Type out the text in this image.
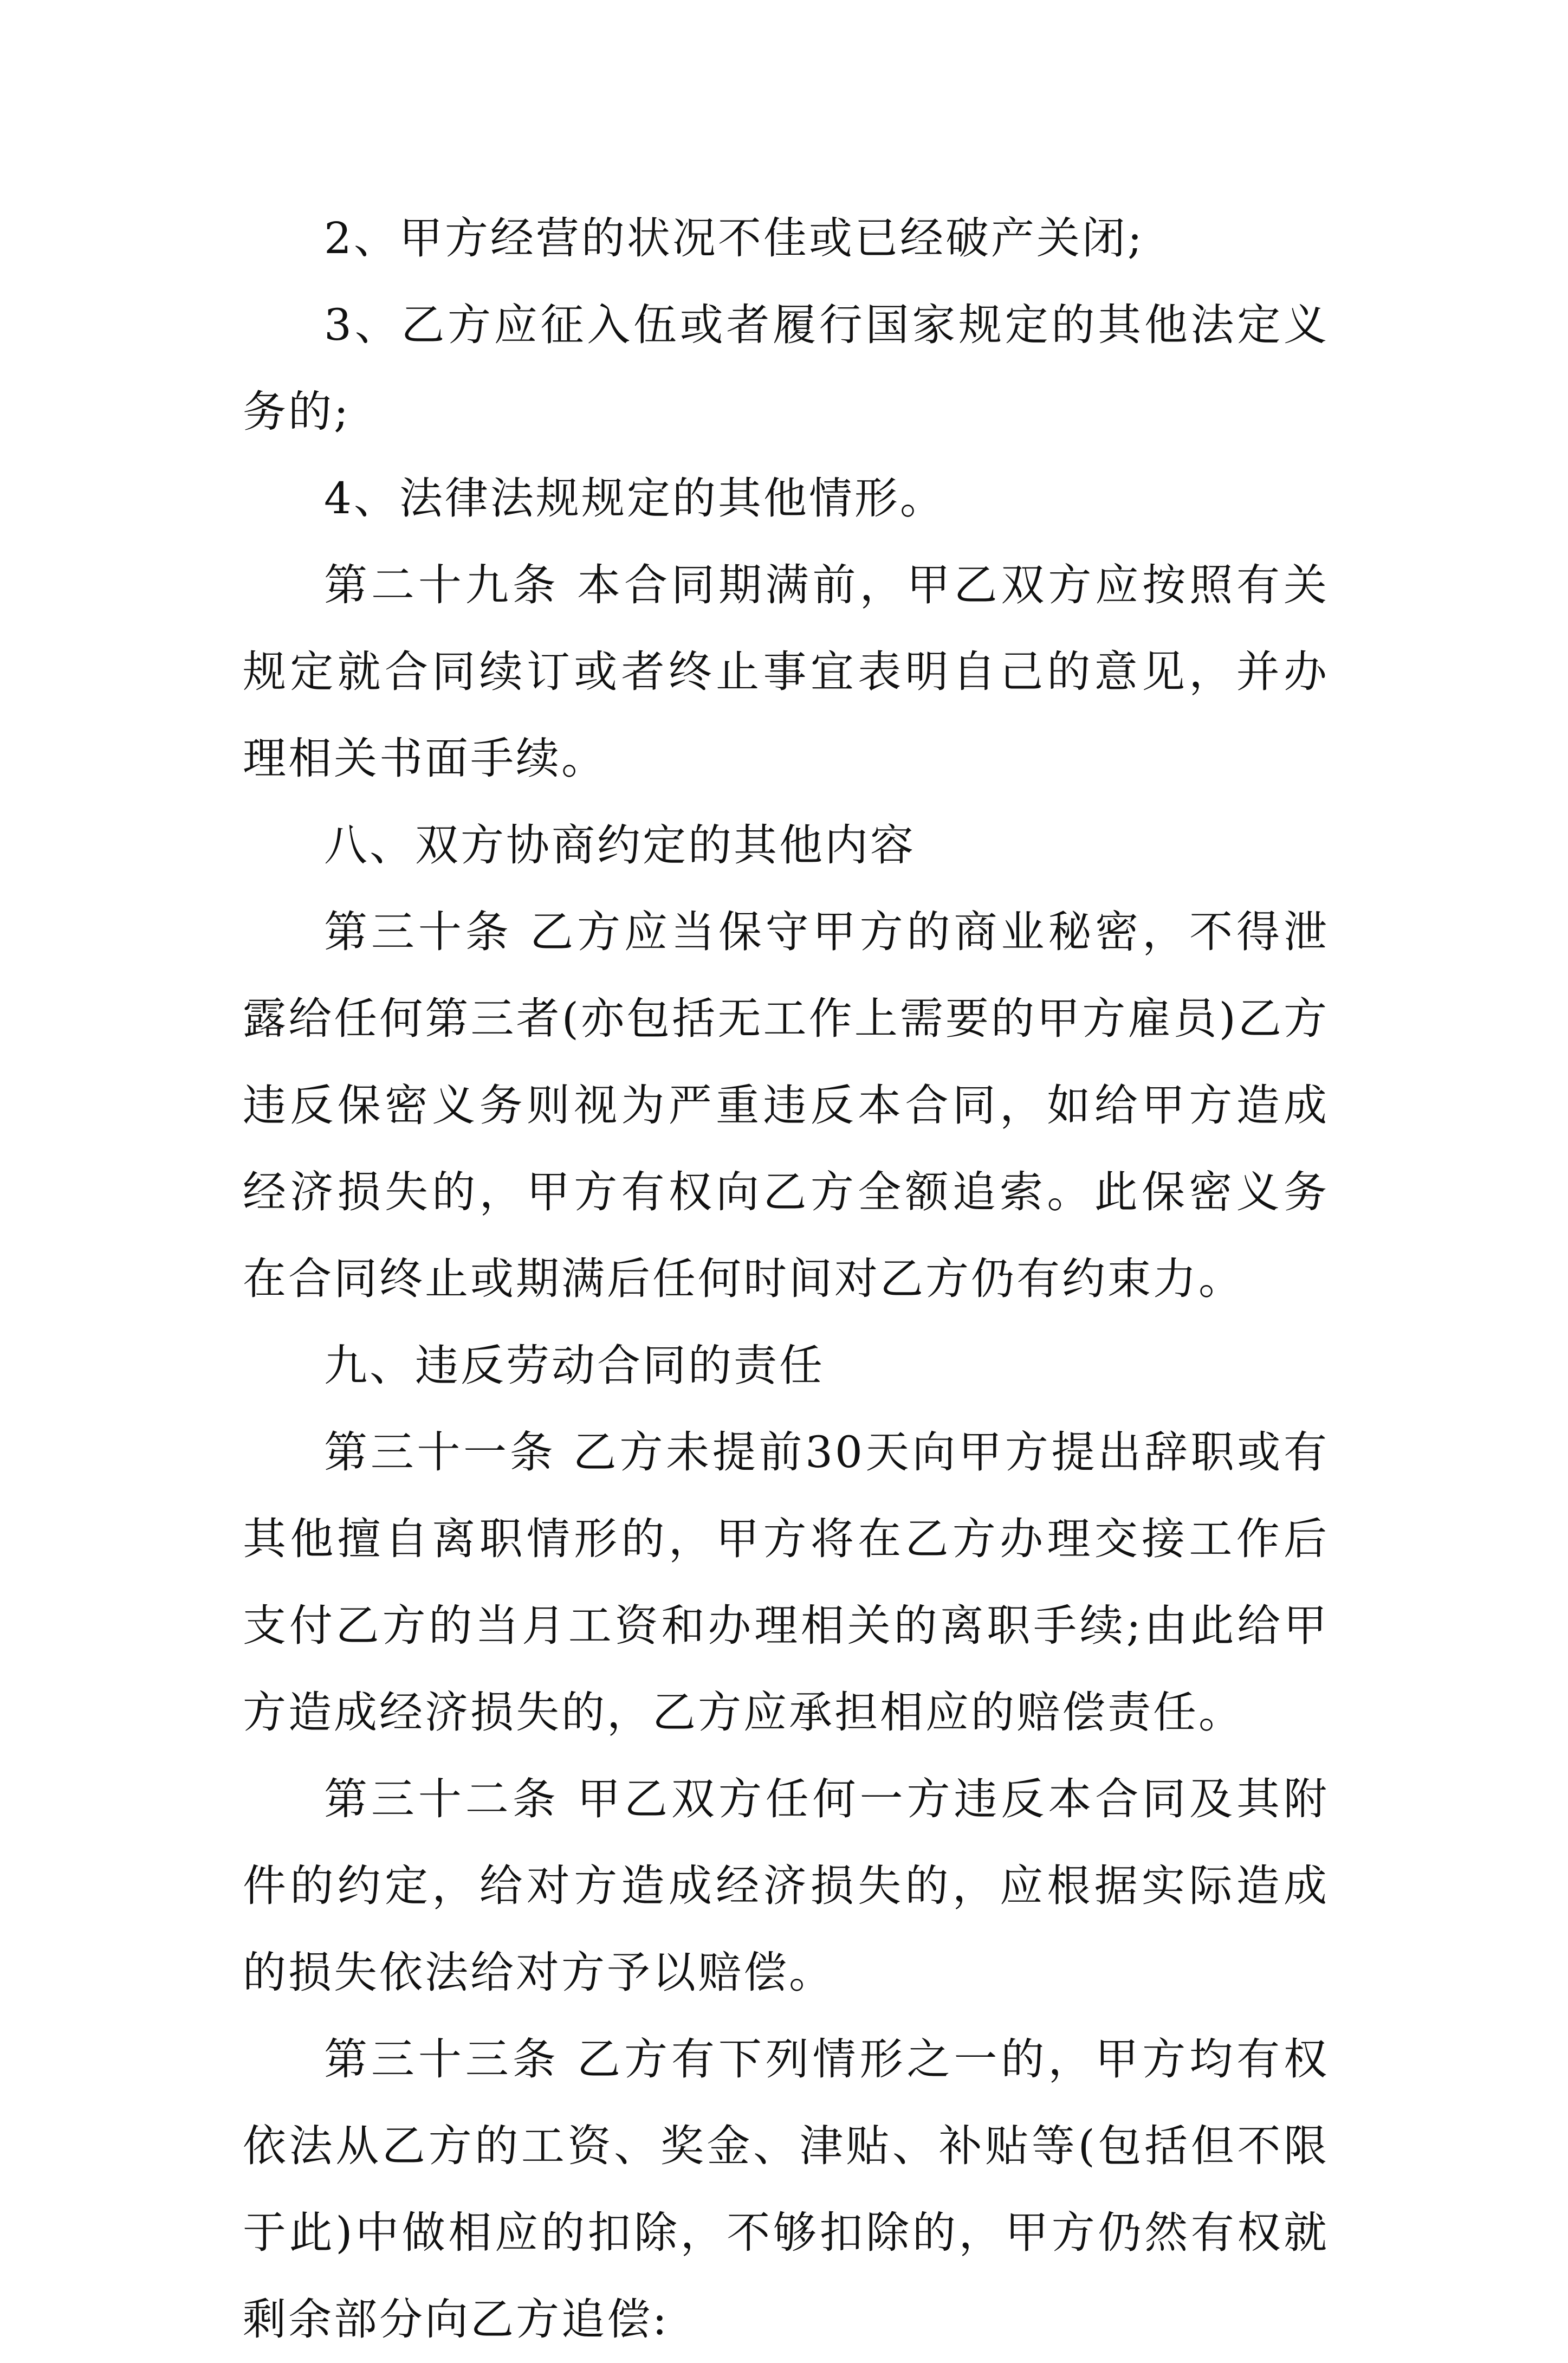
2、甲方经营的状况不佳或已经破产关闭;

3、乙方应征入伍或者履行国家规定的其他法定义务的;

4、法律法规规定的其他情形。

第二十九条 本合同期满前，甲乙双方应按照有关规定就合同续订或者终止事宜表明自己的意见，并办理相关书面手续。

八、双方协商约定的其他内容

第三十条 乙方应当保守甲方的商业秘密，不得泄露给任何第三者(亦包括无工作上需要的甲方雇员)乙方违反保密义务则视为严重违反本合同，如给甲方造成经济损失的，甲方有权向乙方全额追索。此保密义务在合同终止或期满后任何时间对乙方仍有约束力。

九、违反劳动合同的责任

第三十一条 乙方未提前30天向甲方提出辞职或有其他擅自离职情形的，甲方将在乙方办理交接工作后支付乙方的当月工资和办理相关的离职手续;由此给甲方造成经济损失的，乙方应承担相应的赔偿责任。

第三十二条 甲乙双方任何一方违反本合同及其附件的约定，给对方造成经济损失的，应根据实际造成的损失依法给对方予以赔偿。

第三十三条 乙方有下列情形之一的，甲方均有权依法从乙方的工资、奖金、津贴、补贴等(包括但不限于此)中做相应的扣除，不够扣除的，甲方仍然有权就剩余部分向乙方追偿:
